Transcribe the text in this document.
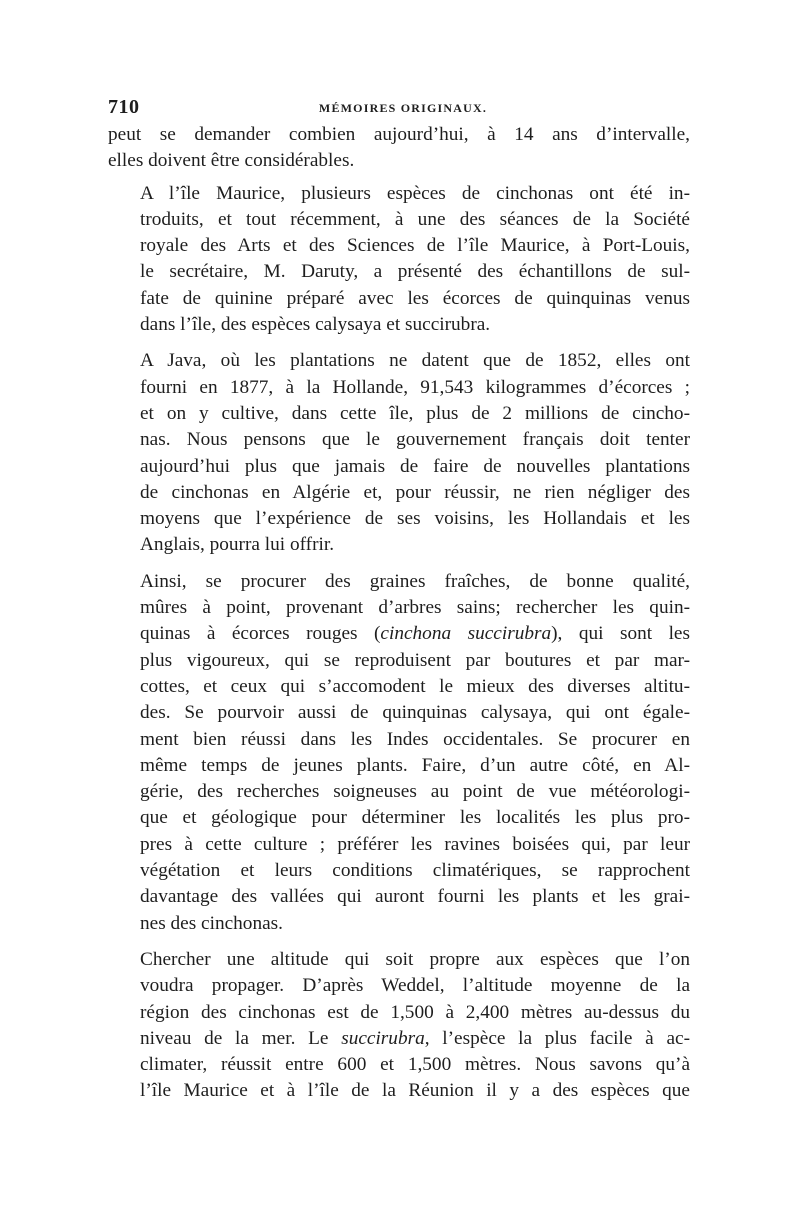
710	MÉMOIRES ORIGINAUX.

peut se demander combien aujourd’hui, à 14 ans d’intervalle,
elles doivent être considérables.

A l’île Maurice, plusieurs espèces de cinchonas ont été in-
troduits, et tout récemment, à une des séances de la Société
royale des Arts et des Sciences de l’île Maurice, à Port-Louis,
le secrétaire, M. Daruty, a présenté des échantillons de sul-
fate de quinine préparé avec les écorces de quinquinas venus
dans l’île, des espèces calysaya et succirubra.

A Java, où les plantations ne datent que de 1852, elles ont
fourni en 1877, à la Hollande, 91,543 kilogrammes d’écorces ;
et on y cultive, dans cette île, plus de 2 millions de cincho-
nas. Nous pensons que le gouvernement français doit tenter
aujourd’hui plus que jamais de faire de nouvelles plantations
de cinchonas en Algérie et, pour réussir, ne rien négliger des
moyens que l’expérience de ses voisins, les Hollandais et les
Anglais, pourra lui offrir.

Ainsi, se procurer des graines fraîches, de bonne qualité,
mûres à point, provenant d’arbres sains; rechercher les quin-
quinas à écorces rouges (cinchona succirubra), qui sont les
plus vigoureux, qui se reproduisent par boutures et par mar-
cottes, et ceux qui s’accomodent le mieux des diverses altitu-
des. Se pourvoir aussi de quinquinas calysaya, qui ont égale-
ment bien réussi dans les Indes occidentales. Se procurer en
même temps de jeunes plants. Faire, d’un autre côté, en Al-
gérie, des recherches soigneuses au point de vue météorologi-
que et géologique pour déterminer les localités les plus pro-
pres à cette culture ; préférer les ravines boisées qui, par leur
végétation et leurs conditions climatériques, se rapprochent
davantage des vallées qui auront fourni les plants et les grai-
nes des cinchonas.

Chercher une altitude qui soit propre aux espèces que l’on
voudra propager. D’après Weddel, l’altitude moyenne de la
région des cinchonas est de 1,500 à 2,400 mètres au-dessus du
niveau de la mer. Le succirubra, l’espèce la plus facile à ac-
climater, réussit entre 600 et 1,500 mètres. Nous savons qu’à
l’île Maurice et à l’île de la Réunion il y a des espèces que
